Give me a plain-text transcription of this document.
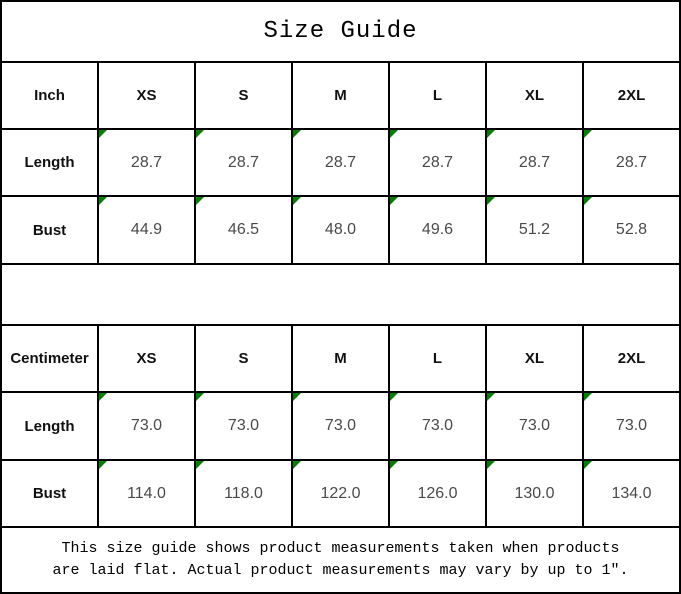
Size Guide
Inch	XS	S	M	L	XL	2XL
Length	28.7	28.7	28.7	28.7	28.7	28.7
Bust	44.9	46.5	48.0	49.6	51.2	52.8
Centimeter	XS	S	M	L	XL	2XL
Length	73.0	73.0	73.0	73.0	73.0	73.0
Bust	114.0	118.0	122.0	126.0	130.0	134.0
This size guide shows product measurements taken when products
are laid flat. Actual product measurements may vary by up to 1″.
